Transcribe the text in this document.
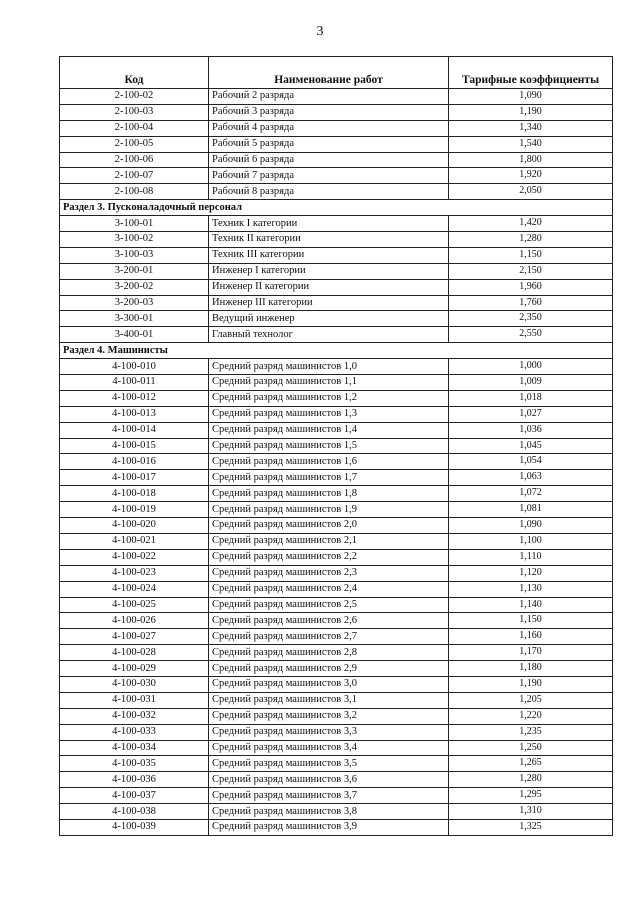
3
Код	Наименование работ	Тарифные коэффициенты
2-100-02	Рабочий 2 разряда	1,090
2-100-03	Рабочий 3 разряда	1,190
2-100-04	Рабочий 4 разряда	1,340
2-100-05	Рабочий 5 разряда	1,540
2-100-06	Рабочий 6 разряда	1,800
2-100-07	Рабочий 7 разряда	1,920
2-100-08	Рабочий 8 разряда	2,050
Раздел 3. Пусконаладочный персонал		
3-100-01	Техник I категории	1,420
3-100-02	Техник II категории	1,280
3-100-03	Техник III категории	1,150
3-200-01	Инженер I категории	2,150
3-200-02	Инженер II категории	1,960
3-200-03	Инженер III категории	1,760
3-300-01	Ведущий инженер	2,350
3-400-01	Главный технолог	2,550
Раздел 4. Машинисты		
4-100-010	Средний разряд машинистов 1,0	1,000
4-100-011	Средний разряд машинистов 1,1	1,009
4-100-012	Средний разряд машинистов 1,2	1,018
4-100-013	Средний разряд машинистов 1,3	1,027
4-100-014	Средний разряд машинистов 1,4	1,036
4-100-015	Средний разряд машинистов 1,5	1,045
4-100-016	Средний разряд машинистов 1,6	1,054
4-100-017	Средний разряд машинистов 1,7	1,063
4-100-018	Средний разряд машинистов 1,8	1,072
4-100-019	Средний разряд машинистов 1,9	1,081
4-100-020	Средний разряд машинистов 2,0	1,090
4-100-021	Средний разряд машинистов 2,1	1,100
4-100-022	Средний разряд машинистов 2,2	1,110
4-100-023	Средний разряд машинистов 2,3	1,120
4-100-024	Средний разряд машинистов 2,4	1,130
4-100-025	Средний разряд машинистов 2,5	1,140
4-100-026	Средний разряд машинистов 2,6	1,150
4-100-027	Средний разряд машинистов 2,7	1,160
4-100-028	Средний разряд машинистов 2,8	1,170
4-100-029	Средний разряд машинистов 2,9	1,180
4-100-030	Средний разряд машинистов 3,0	1,190
4-100-031	Средний разряд машинистов 3,1	1,205
4-100-032	Средний разряд машинистов 3,2	1,220
4-100-033	Средний разряд машинистов 3,3	1,235
4-100-034	Средний разряд машинистов 3,4	1,250
4-100-035	Средний разряд машинистов 3,5	1,265
4-100-036	Средний разряд машинистов 3,6	1,280
4-100-037	Средний разряд машинистов 3,7	1,295
4-100-038	Средний разряд машинистов 3,8	1,310
4-100-039	Средний разряд машинистов 3,9	1,325
